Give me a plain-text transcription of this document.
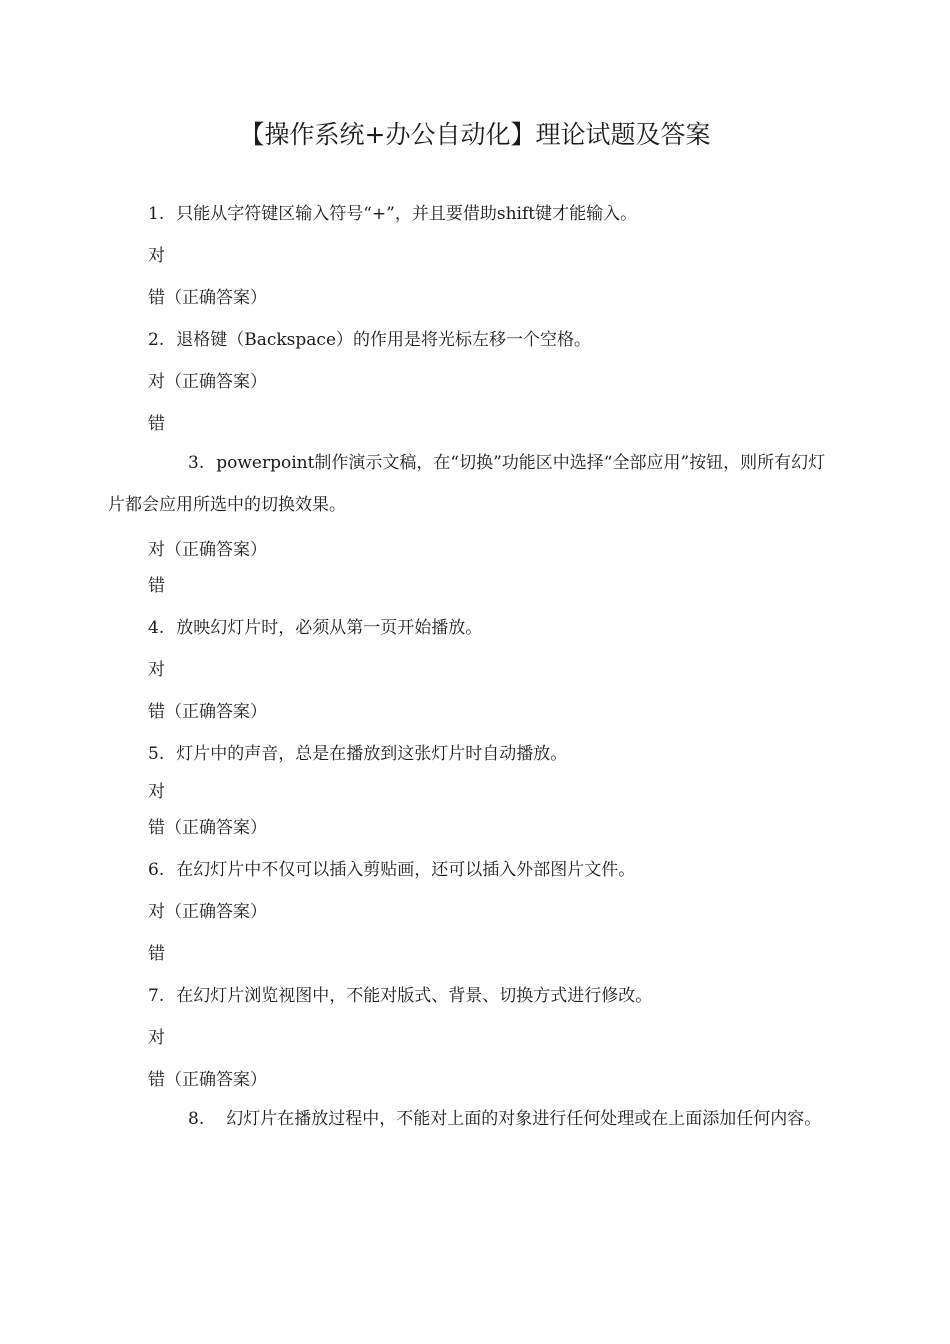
【操作系统+办公自动化】理论试题及答案
1. 只能从字符键区输入符号“+”，并且要借助shift键才能输入。
对
错（正确答案）
2. 退格键（Backspace）的作用是将光标左移一个空格。
对（正确答案）
错
3. powerpoint制作演示文稿，在“切换”功能区中选择“全部应用”按钮，则所有幻灯片都会应用所选中的切换效果。
对（正确答案）
错
4. 放映幻灯片时，必须从第一页开始播放。
对
错（正确答案）
5. 灯片中的声音，总是在播放到这张灯片时自动播放。
对
错（正确答案）
6. 在幻灯片中不仅可以插入剪贴画，还可以插入外部图片文件。
对（正确答案）
错
7. 在幻灯片浏览视图中，不能对版式、背景、切换方式进行修改。
对
错（正确答案）
8. 幻灯片在播放过程中，不能对上面的对象进行任何处理或在上面添加任何内容。
